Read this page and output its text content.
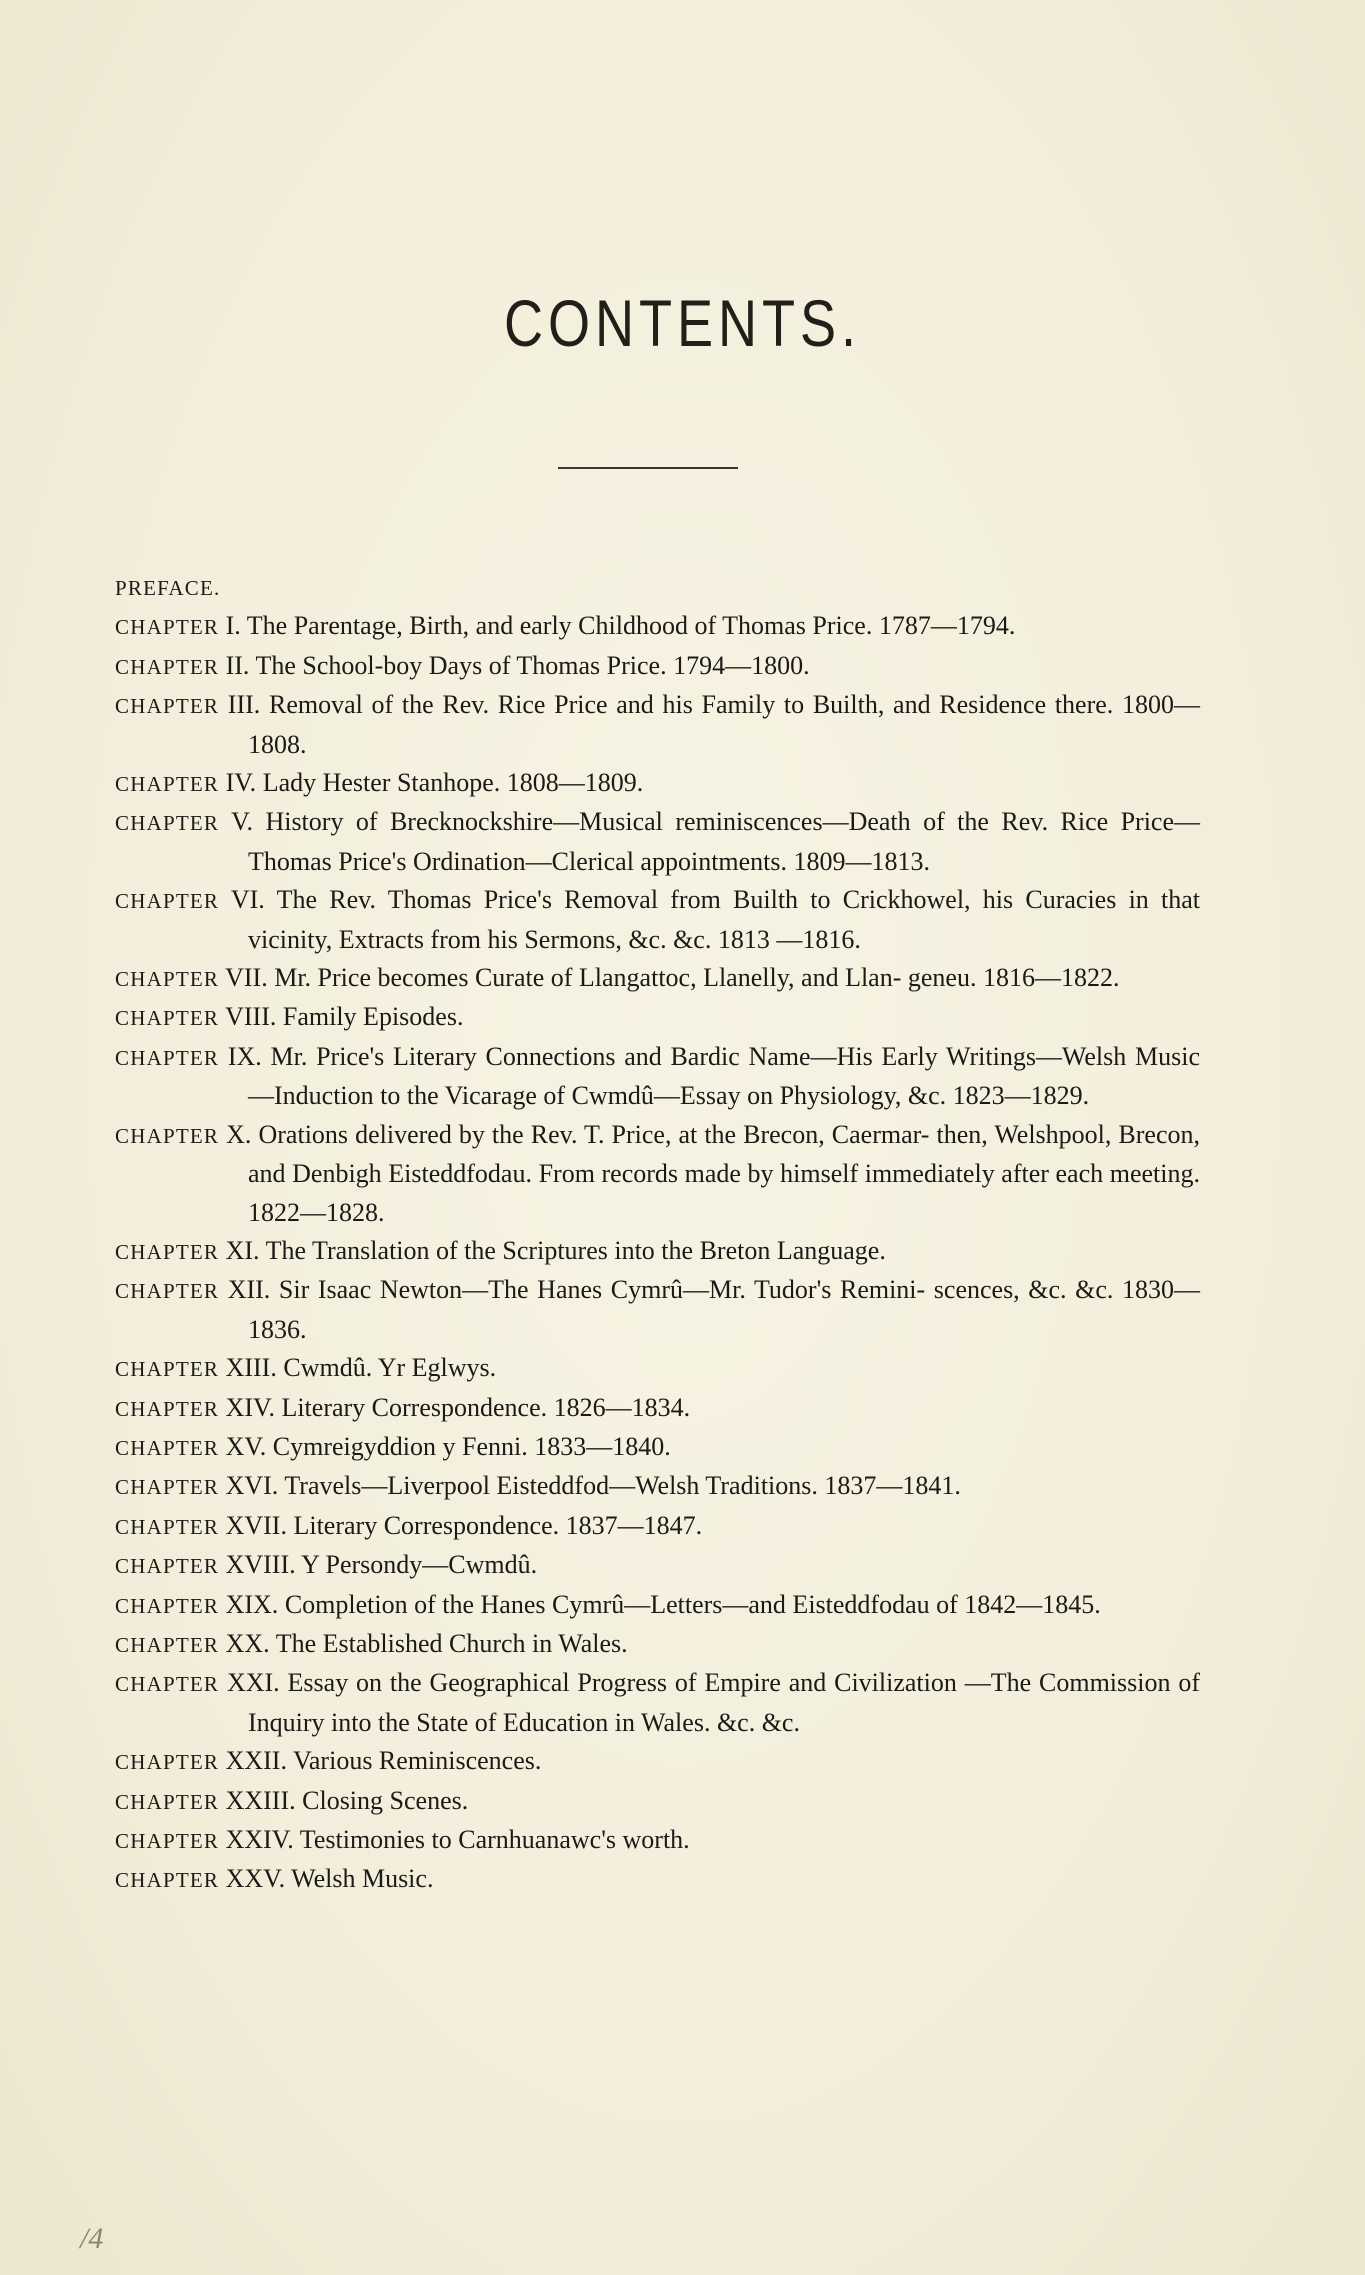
CONTENTS.
PREFACE.
CHAPTER I. The Parentage, Birth, and early Childhood of Thomas Price. 1787—1794.
CHAPTER II. The School-boy Days of Thomas Price. 1794—1800.
CHAPTER III. Removal of the Rev. Rice Price and his Family to Builth, and Residence there. 1800—1808.
CHAPTER IV. Lady Hester Stanhope. 1808—1809.
CHAPTER V. History of Brecknockshire—Musical reminiscences—Death of the Rev. Rice Price—Thomas Price's Ordination—Clerical appointments. 1809—1813.
CHAPTER VI. The Rev. Thomas Price's Removal from Builth to Crickhowel, his Curacies in that vicinity, Extracts from his Sermons, &c. &c. 1813 —1816.
CHAPTER VII. Mr. Price becomes Curate of Llangattoc, Llanelly, and Llan- geneu. 1816—1822.
CHAPTER VIII. Family Episodes.
CHAPTER IX. Mr. Price's Literary Connections and Bardic Name—His Early Writings—Welsh Music—Induction to the Vicarage of Cwmdû—Essay on Physiology, &c. 1823—1829.
CHAPTER X. Orations delivered by the Rev. T. Price, at the Brecon, Caermar- then, Welshpool, Brecon, and Denbigh Eisteddfodau. From records made by himself immediately after each meeting. 1822—1828.
CHAPTER XI. The Translation of the Scriptures into the Breton Language.
CHAPTER XII. Sir Isaac Newton—The Hanes Cymrû—Mr. Tudor's Remini- scences, &c. &c. 1830—1836.
CHAPTER XIII. Cwmdû. Yr Eglwys.
CHAPTER XIV. Literary Correspondence. 1826—1834.
CHAPTER XV. Cymreigyddion y Fenni. 1833—1840.
CHAPTER XVI. Travels—Liverpool Eisteddfod—Welsh Traditions. 1837—1841.
CHAPTER XVII. Literary Correspondence. 1837—1847.
CHAPTER XVIII. Y Persondy—Cwmdû.
CHAPTER XIX. Completion of the Hanes Cymrû—Letters—and Eisteddfodau of 1842—1845.
CHAPTER XX. The Established Church in Wales.
CHAPTER XXI. Essay on the Geographical Progress of Empire and Civilization —The Commission of Inquiry into the State of Education in Wales. &c. &c.
CHAPTER XXII. Various Reminiscences.
CHAPTER XXIII. Closing Scenes.
CHAPTER XXIV. Testimonies to Carnhuanawc's worth.
CHAPTER XXV. Welsh Music.
/4
